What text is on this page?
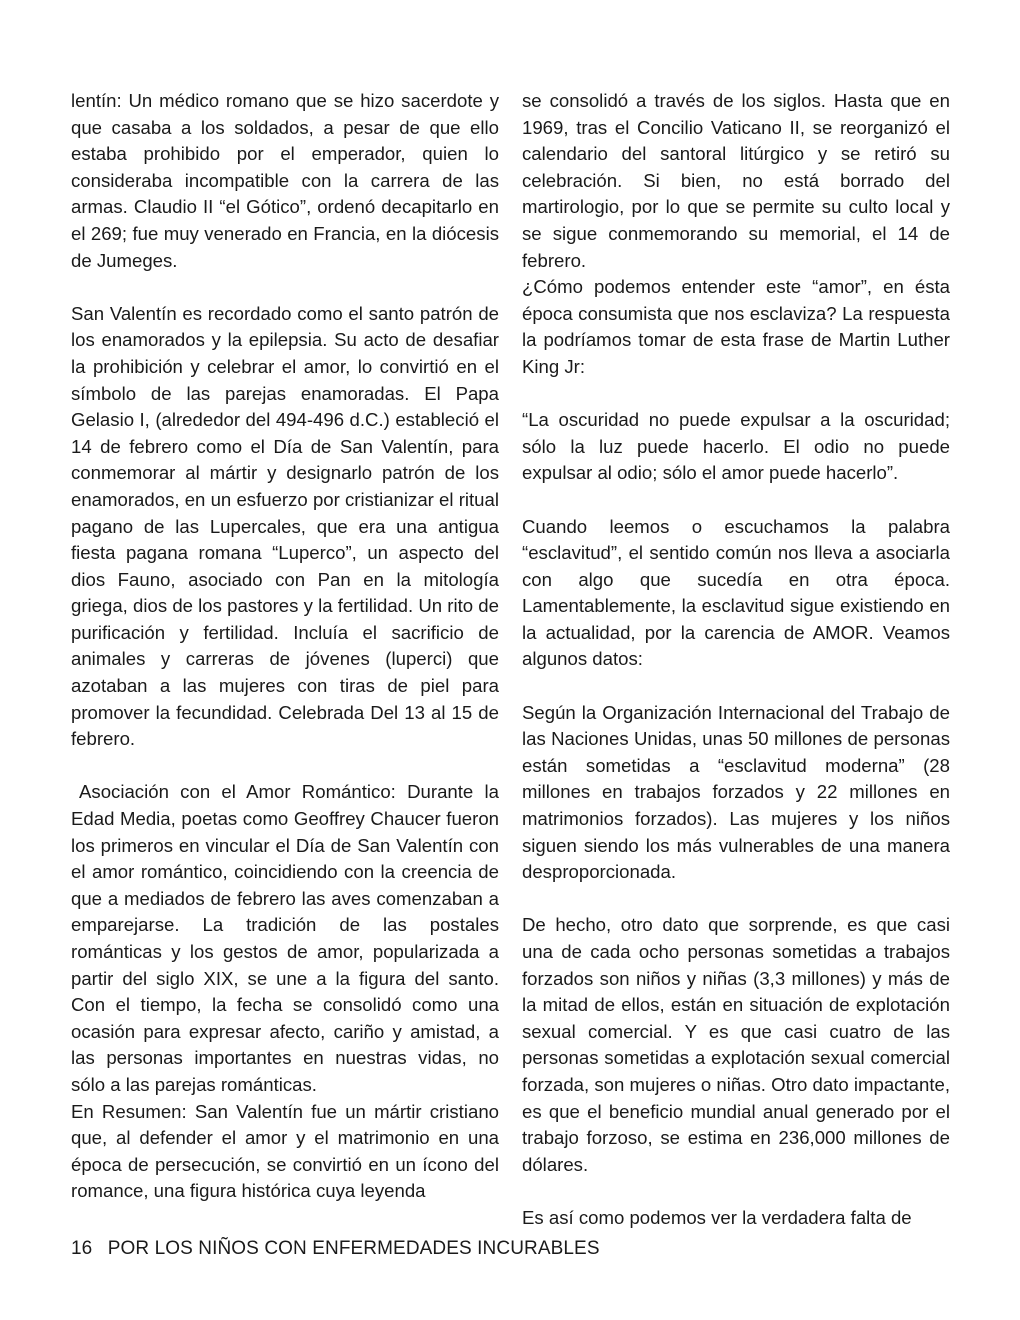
lentín: Un médico romano que se hizo sacerdote y que casaba a los soldados, a pesar de que ello estaba prohibido por el emperador, quien lo consideraba incompatible con la carrera de las armas. Claudio II “el Gótico”, ordenó decapitarlo en el 269; fue muy venerado en Francia, en la diócesis de Jumeges.

San Valentín es recordado como el santo patrón de los enamorados y la epilepsia. Su acto de desafiar la prohibición y celebrar el amor, lo convirtió en el símbolo de las parejas enamoradas. El Papa Gelasio I, (alrededor del 494-496 d.C.) estableció el 14 de febrero como el Día de San Valentín, para conmemorar al mártir y designarlo patrón de los enamorados, en un esfuerzo por cristianizar el ritual pagano de las Lupercales, que era una antigua fiesta pagana romana “Luperco”, un aspecto del dios Fauno, asociado con Pan en la mitología griega, dios de los pastores y la fertilidad. Un rito de purificación y fertilidad. Incluía el sacrificio de animales y carreras de jóvenes (luperci) que azotaban a las mujeres con tiras de piel para promover la fecundidad. Celebrada Del 13 al 15 de febrero.

Asociación con el Amor Romántico: Durante la Edad Media, poetas como Geoffrey Chaucer fueron los primeros en vincular el Día de San Valentín con el amor romántico, coincidiendo con la creencia de que a mediados de febrero las aves comenzaban a emparejarse. La tradición de las postales románticas y los gestos de amor, popularizada a partir del siglo XIX, se une a la figura del santo. Con el tiempo, la fecha se consolidó como una ocasión para expresar afecto, cariño y amistad, a las personas importantes en nuestras vidas, no sólo a las parejas románticas.

En Resumen: San Valentín fue un mártir cristiano que, al defender el amor y el matrimonio en una época de persecución, se convirtió en un ícono del romance, una figura histórica cuya leyenda

se consolidó a través de los siglos. Hasta que en 1969, tras el Concilio Vaticano II, se reorganizó el calendario del santoral litúrgico y se retiró su celebración. Si bien, no está borrado del martirologio, por lo que se permite su culto local y se sigue conmemorando su memorial, el 14 de febrero.

¿Cómo podemos entender este “amor”, en ésta época consumista que nos esclaviza? La respuesta la podríamos tomar de esta frase de Martin Luther King Jr:

“La oscuridad no puede expulsar a la oscuridad; sólo la luz puede hacerlo. El odio no puede expulsar al odio; sólo el amor puede hacerlo”.

Cuando leemos o escuchamos la palabra “esclavitud”, el sentido común nos lleva a asociarla con algo que sucedía en otra época. Lamentablemente, la esclavitud sigue existiendo en la actualidad, por la carencia de AMOR. Veamos algunos datos:

Según la Organización Internacional del Trabajo de las Naciones Unidas, unas 50 millones de personas están sometidas a “esclavitud moderna” (28 millones en trabajos forzados y 22 millones en matrimonios forzados). Las mujeres y los niños siguen siendo los más vulnerables de una manera desproporcionada.

De hecho, otro dato que sorprende, es que casi una de cada ocho personas sometidas a trabajos forzados son niños y niñas (3,3 millones) y más de la mitad de ellos, están en situación de explotación sexual comercial. Y es que casi cuatro de las personas sometidas a explotación sexual comercial forzada, son mujeres o niñas. Otro dato impactante, es que el beneficio mundial anual generado por el trabajo forzoso, se estima en 236,000 millones de dólares.

Es así como podemos ver la verdadera falta de

16 POR LOS NIÑOS CON ENFERMEDADES INCURABLES
